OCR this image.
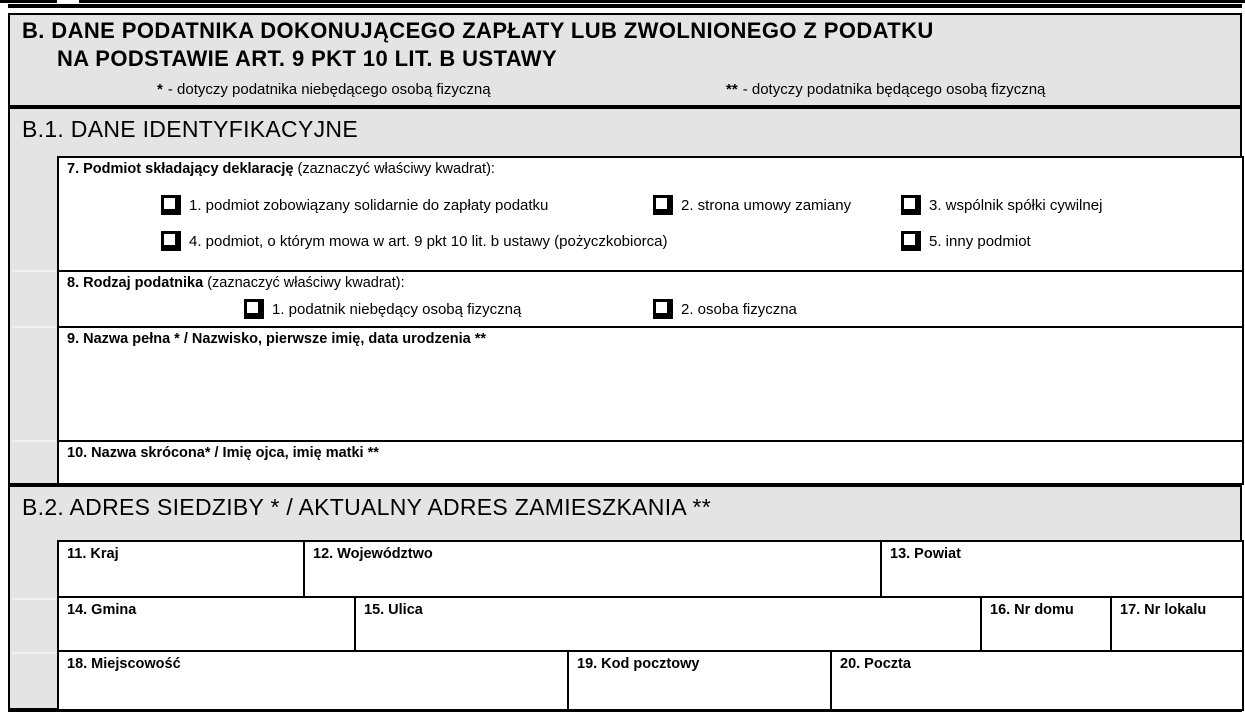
B. DANE PODATNIKA DOKONUJĄCEGO ZAPŁATY LUB ZWOLNIONEGO Z PODATKU
NA PODSTAWIE ART. 9 PKT 10 LIT. B USTAWY
* - dotyczy podatnika niebędącego osobą fizyczną	** - dotyczy podatnika będącego osobą fizyczną
B.1. DANE IDENTYFIKACYJNE
7. Podmiot składający deklarację (zaznaczyć właściwy kwadrat):
1. podmiot zobowiązany solidarnie do zapłaty podatku	2. strona umowy zamiany	3. wspólnik spółki cywilnej
4. podmiot, o którym mowa w art. 9 pkt 10 lit. b ustawy (pożyczkobiorca)	5. inny podmiot
8. Rodzaj podatnika (zaznaczyć właściwy kwadrat):
1. podatnik niebędący osobą fizyczną	2. osoba fizyczna
9. Nazwa pełna * / Nazwisko, pierwsze imię, data urodzenia **
10. Nazwa skrócona* / Imię ojca, imię matki **
B.2. ADRES SIEDZIBY * / AKTUALNY ADRES ZAMIESZKANIA **
11. Kraj	12. Województwo	13. Powiat
14. Gmina	15. Ulica	16. Nr domu	17. Nr lokalu
18. Miejscowość	19. Kod pocztowy	20. Poczta
